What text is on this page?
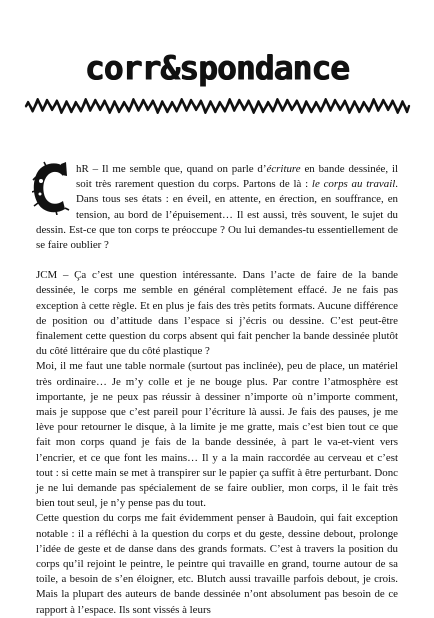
corr&spondance

hR – Il me semble que, quand on parle d’écriture en bande dessinée, il soit très rarement question du corps. Partons de là : le corps au travail. Dans tous ses états : en éveil, en attente, en érection, en souffrance, en tension, au bord de l’épuisement… Il est aussi, très souvent, le sujet du dessin. Est-ce que ton corps te préoccupe ? Ou lui demandes-tu essentiellement de se faire oublier ?

JCM – Ça c’est une question intéressante. Dans l’acte de faire de la bande dessinée, le corps me semble en général complètement effacé. Je ne fais pas exception à cette règle. Et en plus je fais des très petits formats. Aucune différence de position ou d’attitude dans l’espace si j’écris ou dessine. C’est peut-être finalement cette question du corps absent qui fait pencher la bande dessinée plutôt du côté littéraire que du côté plastique ?

Moi, il me faut une table normale (surtout pas inclinée), peu de place, un matériel très ordinaire… Je m’y colle et je ne bouge plus. Par contre l’atmosphère est importante, je ne peux pas réussir à dessiner n’importe où n’importe comment, mais je suppose que c’est pareil pour l’écriture là aussi. Je fais des pauses, je me lève pour retourner le disque, à la limite je me gratte, mais c’est bien tout ce que fait mon corps quand je fais de la bande dessinée, à part le va-et-vient vers l’encrier, et ce que font les mains… Il y a la main raccordée au cerveau et c’est tout : si cette main se met à transpirer sur le papier ça suffit à être perturbant. Donc je ne lui demande pas spécialement de se faire oublier, mon corps, il le fait très bien tout seul, je n’y pense pas du tout.

Cette question du corps me fait évidemment penser à Baudoin, qui fait exception notable : il a réfléchi à la question du corps et du geste, dessine debout, prolonge l’idée de geste et de danse dans des grands formats. C’est à travers la position du corps qu’il rejoint le peintre, le peintre qui travaille en grand, tourne autour de sa toile, a besoin de s’en éloigner, etc. Blutch aussi travaille parfois debout, je crois. Mais la plupart des auteurs de bande dessinée n’ont absolument pas besoin de ce rapport à l’espace. Ils sont vissés à leurs
